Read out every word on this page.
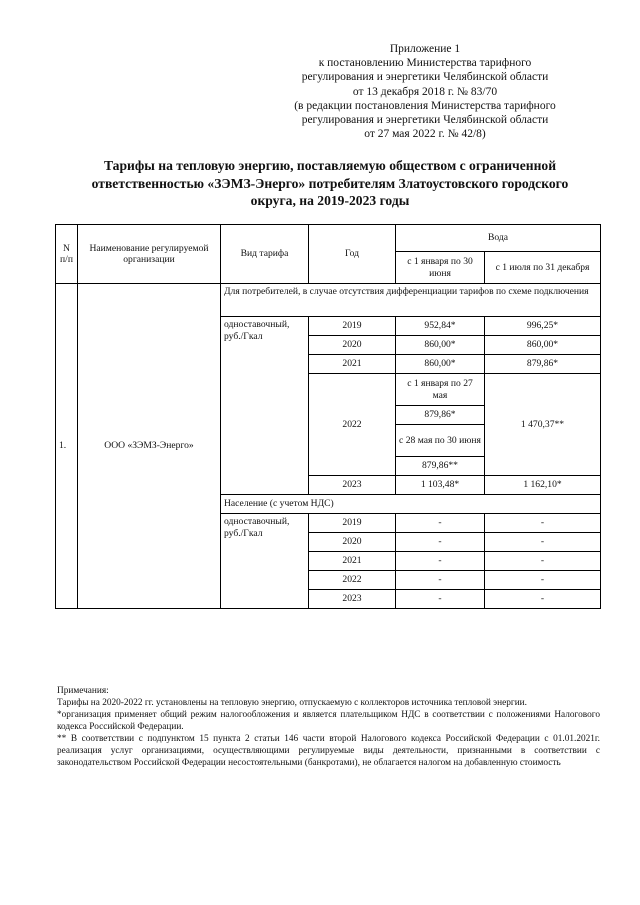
Приложение 1
к постановлению Министерства тарифного
регулирования и энергетики Челябинской области
от 13 декабря 2018 г. № 83/70
(в редакции постановления Министерства тарифного
регулирования и энергетики Челябинской области
от 27 мая 2022 г. № 42/8)
Тарифы на тепловую энергию, поставляемую обществом с ограниченной
ответственностью «ЗЭМЗ-Энерго» потребителям Златоустовского городского
округа, на 2019-2023 годы
N п/п	Наименование регулируемой организации	Вид тарифа	Год	Вода	
				с 1 января по 30 июня	с 1 июля по 31 декабря
1.	ООО «ЗЭМЗ-Энерго»	Для потребителей, в случае отсутствия дифференциации тарифов по схеме подключения			
		одноставочный, руб./Гкал	2019	952,84*	996,25*
			2020	860,00*	860,00*
			2021	860,00*	879,86*
			2022	с 1 января по 27 мая	1 470,37**
				879,86*	
				с 28 мая по 30 июня	
				879,86**	
			2023	1 103,48*	1 162,10*
		Население (с учетом НДС)			
		одноставочный, руб./Гкал	2019	-	-
			2020	-	-
			2021	-	-
			2022	-	-
			2023	-	-

Примечания:

Тарифы на 2020-2022 гг. установлены на тепловую энергию, отпускаемую с коллекторов источника тепловой энергии.

*организация применяет общий режим налогообложения и является плательщиком НДС в соответствии с положениями Налогового кодекса Российской Федерации.

** В соответствии с подпунктом 15 пункта 2 статьи 146 части второй Налогового кодекса Российской Федерации с 01.01.2021г. реализация услуг организациями, осуществляющими регулируемые виды деятельности, признанными в соответствии с законодательством Российской Федерации несостоятельными (банкротами), не облагается налогом на добавленную стоимость
